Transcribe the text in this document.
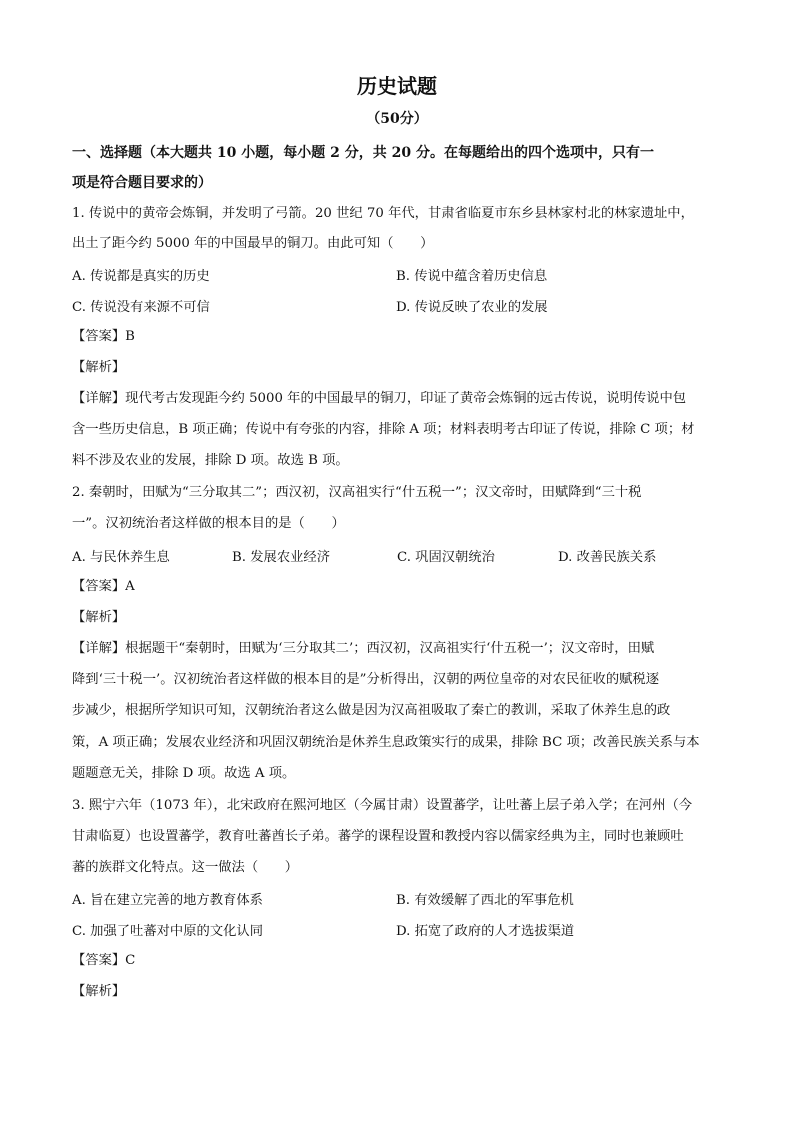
历史试题
（50分）
一、选择题（本大题共 10 小题，每小题 2 分，共 20 分。在每题给出的四个选项中，只有一
项是符合题目要求的）
1. 传说中的黄帝会炼铜，并发明了弓箭。20 世纪 70 年代，甘肃省临夏市东乡县林家村北的林家遗址中，
出土了距今约 5000 年的中国最早的铜刀。由此可知（　　）
A. 传说都是真实的历史	B. 传说中蕴含着历史信息
C. 传说没有来源不可信	D. 传说反映了农业的发展
【答案】B
【解析】
【详解】现代考古发现距今约 5000 年的中国最早的铜刀，印证了黄帝会炼铜的远古传说，说明传说中包
含一些历史信息，B 项正确；传说中有夸张的内容，排除 A 项；材料表明考古印证了传说，排除 C 项；材
料不涉及农业的发展，排除 D 项。故选 B 项。
2. 秦朝时，田赋为“三分取其二”；西汉初，汉高祖实行“什五税一”；汉文帝时，田赋降到“三十税
一”。汉初统治者这样做的根本目的是（　　）
A. 与民休养生息	B. 发展农业经济	C. 巩固汉朝统治	D. 改善民族关系
【答案】A
【解析】
【详解】根据题干“秦朝时，田赋为‘三分取其二’；西汉初，汉高祖实行‘什五税一’；汉文帝时，田赋
降到‘三十税一’。汉初统治者这样做的根本目的是”分析得出，汉朝的两位皇帝的对农民征收的赋税逐
步减少，根据所学知识可知，汉朝统治者这么做是因为汉高祖吸取了秦亡的教训，采取了休养生息的政
策，A 项正确；发展农业经济和巩固汉朝统治是休养生息政策实行的成果，排除 BC 项；改善民族关系与本
题题意无关，排除 D 项。故选 A 项。
3. 熙宁六年（1073 年），北宋政府在熙河地区（今属甘肃）设置蕃学，让吐蕃上层子弟入学；在河州（今
甘肃临夏）也设置蕃学，教育吐蕃酋长子弟。蕃学的课程设置和教授内容以儒家经典为主，同时也兼顾吐
蕃的族群文化特点。这一做法（　　）
A. 旨在建立完善的地方教育体系	B. 有效缓解了西北的军事危机
C. 加强了吐蕃对中原的文化认同	D. 拓宽了政府的人才选拔渠道
【答案】C
【解析】
